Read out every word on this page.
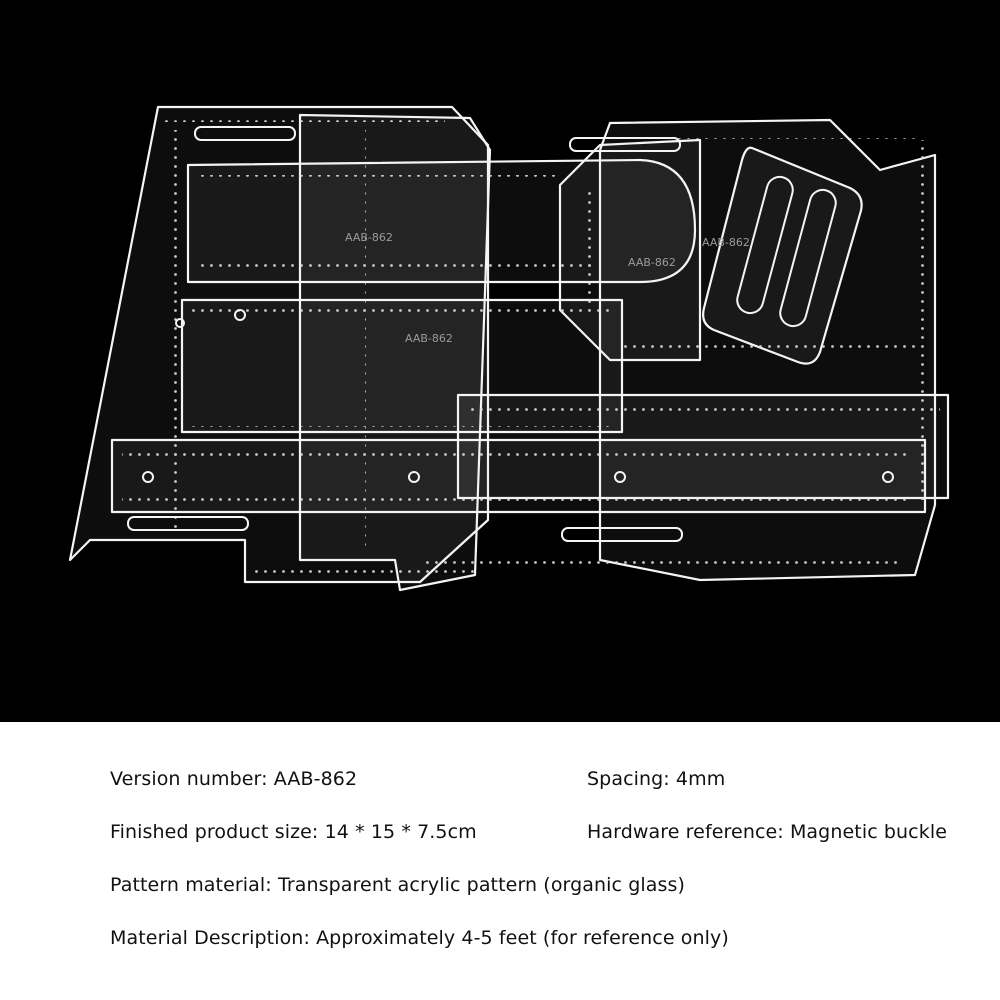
AAB-862
AAB-862
AAB-862
AAB-862
Version number: AAB-862	Spacing: 4mm
Finished product size: 14 * 15 * 7.5cm	Hardware reference: Magnetic buckle
Pattern material: Transparent acrylic pattern (organic glass)
Material Description: Approximately 4-5 feet (for reference only)
